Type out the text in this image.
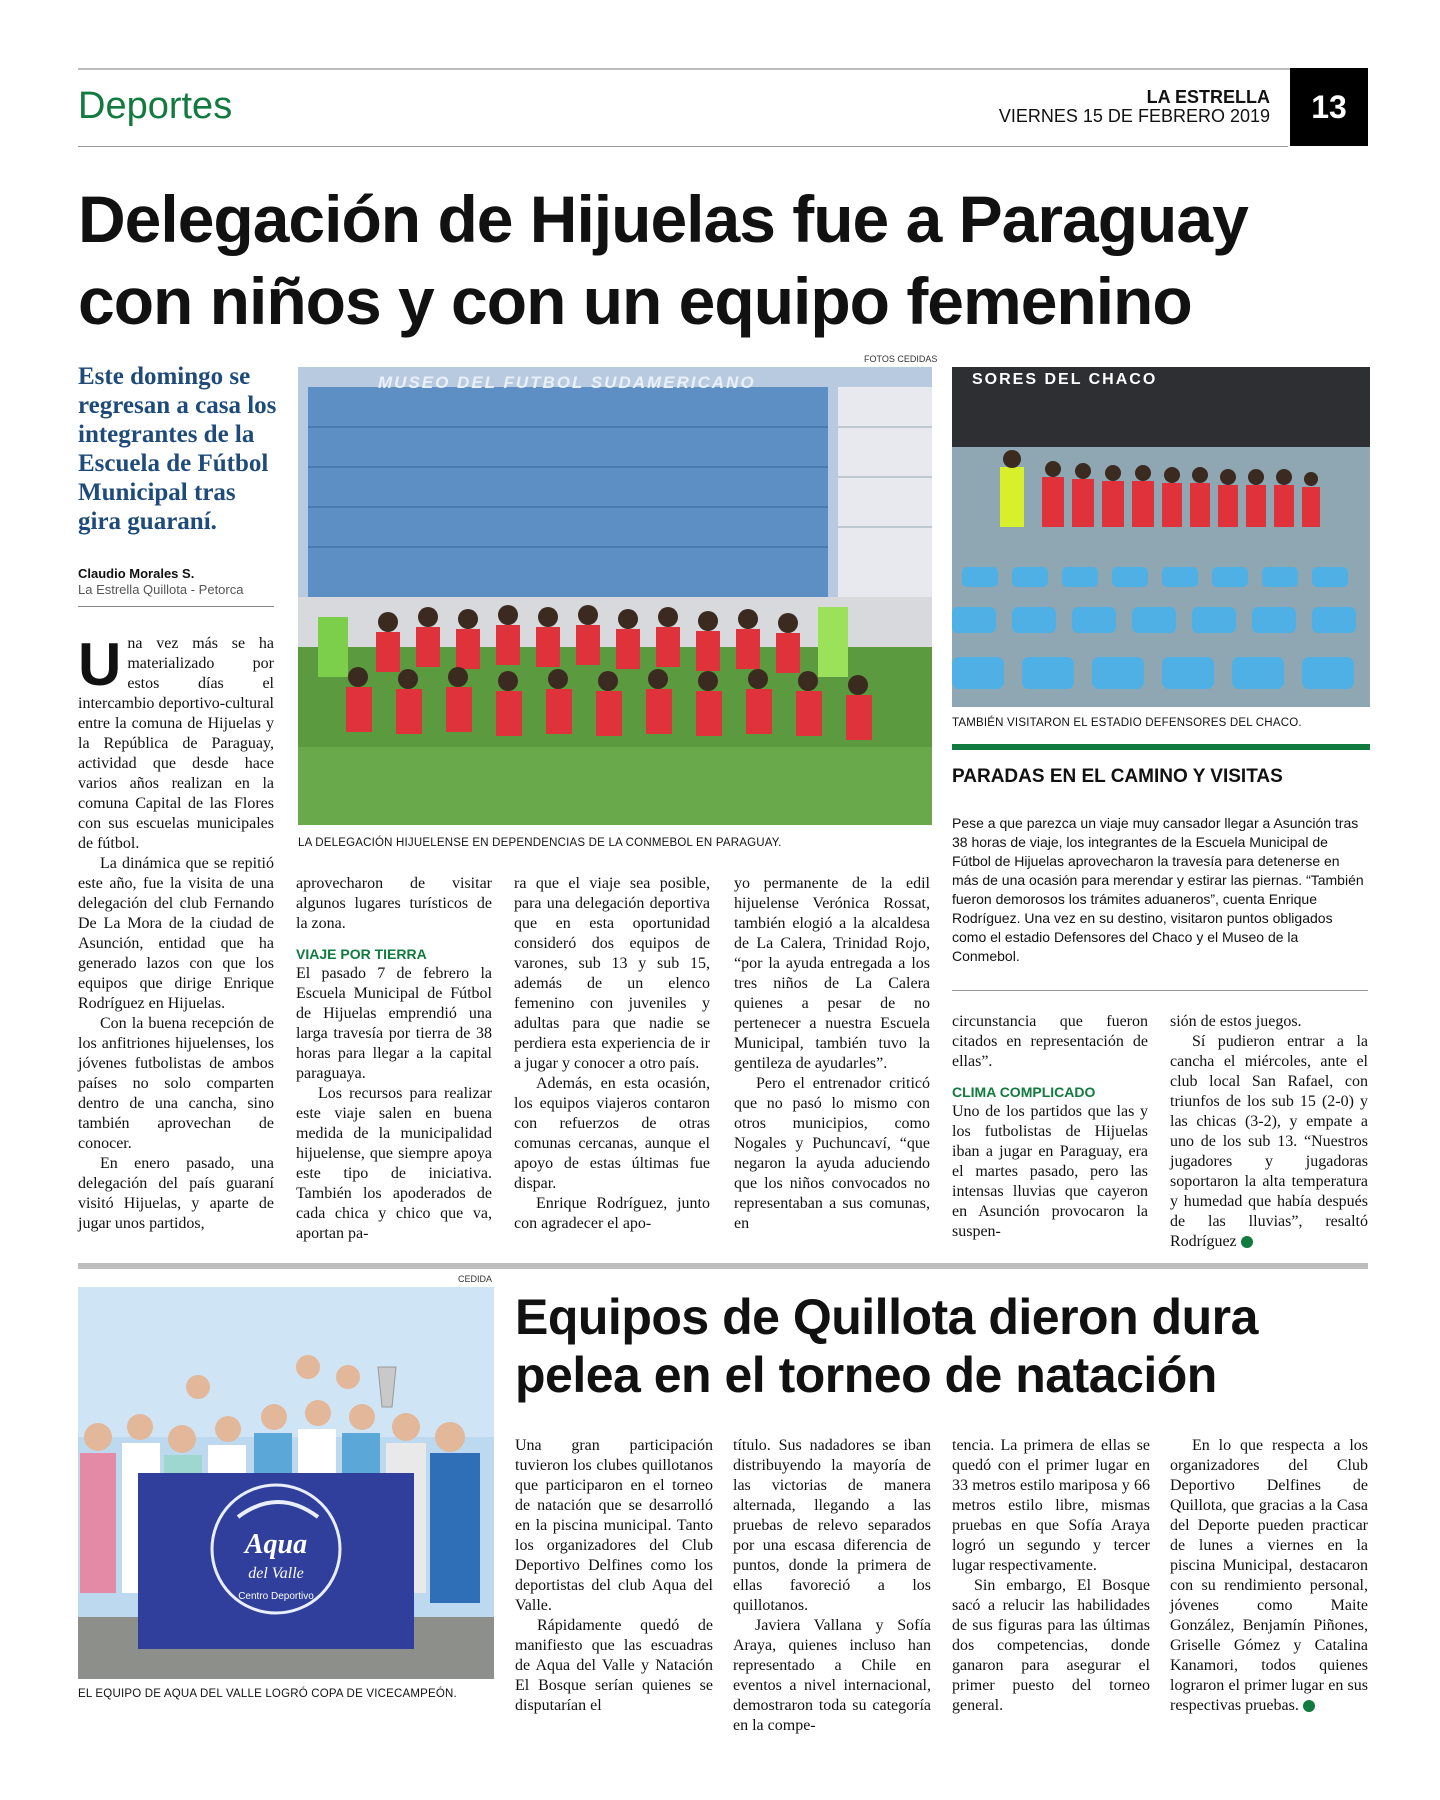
Deportes	LA ESTRELLA
VIERNES 15 DE FEBRERO 2019	13
Delegación de Hijuelas fue a Paraguay con niños y con un equipo femenino
Este domingo se regresan a casa los integrantes de la Escuela de Fútbol Municipal tras gira guaraní.
Claudio Morales S.
La Estrella Quillota - Petorca
FOTOS CEDIDAS
MUSEO DEL FUTBOL SUDAMERICANO
LA DELEGACIÓN HIJUELENSE EN DEPENDENCIAS DE LA CONMEBOL EN PARAGUAY.
SORES DEL CHACO
TAMBIÉN VISITARON EL ESTADIO DEFENSORES DEL CHACO.
PARADAS EN EL CAMINO Y VISITAS
Pese a que parezca un viaje muy cansador llegar a Asunción tras 38 horas de viaje, los integrantes de la Escuela Municipal de Fútbol de Hijuelas aprovecharon la travesía para detenerse en más de una ocasión para merendar y estirar las piernas. “También fueron demorosos los trámites aduaneros”, cuenta Enrique Rodríguez. Una vez en su destino, visitaron puntos obligados como el estadio Defensores del Chaco y el Museo de la Conmebol.
U na vez más se ha materializado por estos días el intercambio deportivo-cultural entre la comuna de Hijuelas y la República de Paraguay, actividad que desde hace varios años realizan en la comuna Capital de las Flores con sus escuelas municipales de fútbol.

La dinámica que se repitió este año, fue la visita de una delegación del club Fernando De La Mora de la ciudad de Asunción, entidad que ha generado lazos con que los equipos que dirige Enrique Rodríguez en Hijuelas.

Con la buena recepción de los anfitriones hijuelenses, los jóvenes futbolistas de ambos países no solo comparten dentro de una cancha, sino también aprovechan de conocer.

En enero pasado, una delegación del país guaraní visitó Hijuelas, y aparte de jugar unos partidos,

aprovecharon de visitar algunos lugares turísticos de la zona.

VIAJE POR TIERRA

El pasado 7 de febrero la Escuela Municipal de Fútbol de Hijuelas emprendió una larga travesía por tierra de 38 horas para llegar a la capital paraguaya.

Los recursos para realizar este viaje salen en buena medida de la municipalidad hijuelense, que siempre apoya este tipo de iniciativa. También los apoderados de cada chica y chico que va, aportan pa-

ra que el viaje sea posible, para una delegación deportiva que en esta oportunidad consideró dos equipos de varones, sub 13 y sub 15, además de un elenco femenino con juveniles y adultas para que nadie se perdiera esta experiencia de ir a jugar y conocer a otro país.

Además, en esta ocasión, los equipos viajeros contaron con refuerzos de otras comunas cercanas, aunque el apoyo de estas últimas fue dispar.

Enrique Rodríguez, junto con agradecer el apo-

yo permanente de la edil hijuelense Verónica Rossat, también elogió a la alcaldesa de La Calera, Trinidad Rojo, “por la ayuda entregada a los tres niños de La Calera quienes a pesar de no pertenecer a nuestra Escuela Municipal, también tuvo la gentileza de ayudarles”.

Pero el entrenador criticó que no pasó lo mismo con otros municipios, como Nogales y Puchuncaví, “que negaron la ayuda aduciendo que los niños convocados no representaban a sus comunas, en

circunstancia que fueron citados en representación de ellas”.

CLIMA COMPLICADO

Uno de los partidos que las y los futbolistas de Hijuelas iban a jugar en Paraguay, era el martes pasado, pero las intensas lluvias que cayeron en Asunción provocaron la suspen-

sión de estos juegos.

Sí pudieron entrar a la cancha el miércoles, ante el club local San Rafael, con triunfos de los sub 15 (2-0) y las chicas (3-2), y empate a uno de los sub 13. “Nuestros jugadores y jugadoras soportaron la alta temperatura y humedad que había después de las lluvias”, resaltó Rodríguez

CEDIDA
Aqua
del Valle
Centro Deportivo
EL EQUIPO DE AQUA DEL VALLE LOGRÓ COPA DE VICECAMPEÓN.
Equipos de Quillota dieron dura pelea en el torneo de natación

Una gran participación tuvieron los clubes quillotanos que participaron en el torneo de natación que se desarrolló en la piscina municipal. Tanto los organizadores del Club Deportivo Delfines como los deportistas del club Aqua del Valle.

Rápidamente quedó de manifiesto que las escuadras de Aqua del Valle y Natación El Bosque serían quienes se disputarían el

título. Sus nadadores se iban distribuyendo la mayoría de las victorias de manera alternada, llegando a las pruebas de relevo separados por una escasa diferencia de puntos, donde la primera de ellas favoreció a los quillotanos.

Javiera Vallana y Sofía Araya, quienes incluso han representado a Chile en eventos a nivel internacional, demostraron toda su categoría en la compe-

tencia. La primera de ellas se quedó con el primer lugar en 33 metros estilo mariposa y 66 metros estilo libre, mismas pruebas en que Sofía Araya logró un segundo y tercer lugar respectivamente.

Sin embargo, El Bosque sacó a relucir las habilidades de sus figuras para las últimas dos competencias, donde ganaron para asegurar el primer puesto del torneo general.

En lo que respecta a los organizadores del Club Deportivo Delfines de Quillota, que gracias a la Casa del Deporte pueden practicar de lunes a viernes en la piscina Municipal, destacaron con su rendimiento personal, jóvenes como Maite González, Benjamín Piñones, Griselle Gómez y Catalina Kanamori, todos quienes lograron el primer lugar en sus respectivas pruebas.
